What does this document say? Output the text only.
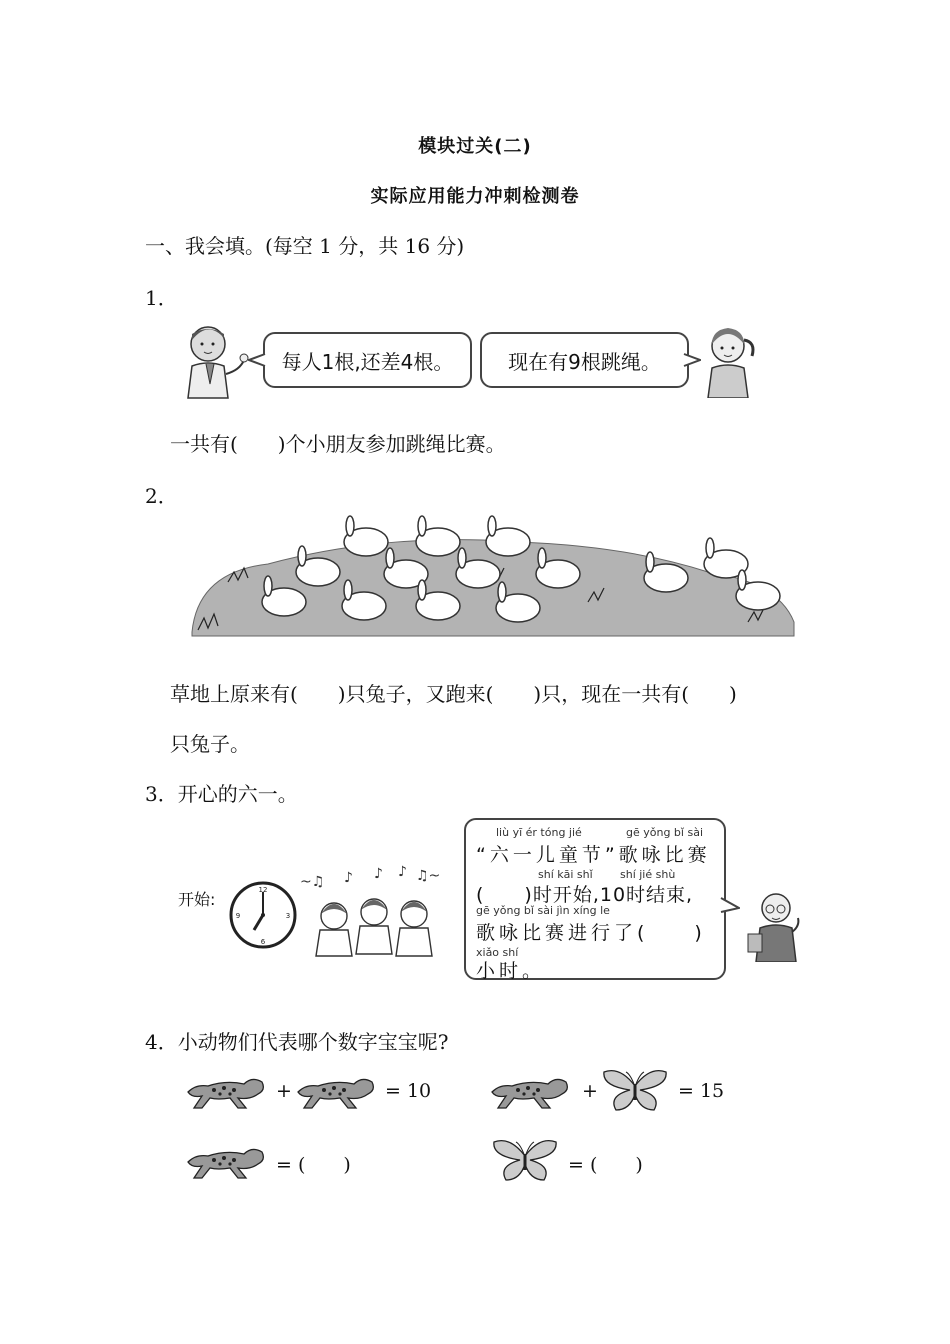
模块过关(二)
实际应用能力冲刺检测卷
一、我会填。(每空 1 分，共 16 分)
1．
每人1根,还差4根。	现在有9根跳绳。
一共有(　　)个小朋友参加跳绳比赛。
2．
草地上原来有(　　)只兔子，又跑来(　　)只，现在一共有(　　)
只兔子。
3．开心的六一。
开始:	12
3
6
9
~♫ ♪ ♪ ♪ ♫~
liù yī ér tóng jié	gē yǒng bǐ sài
“六一儿童节”歌咏比赛
shí kāi shǐ shí jié shù
(　　)时开始,10时结束,
gē yǒng bǐ sài jìn xíng le
歌咏比赛进行了(　　)
xiǎo shí
小时。
4．小动物们代表哪个数字宝宝呢?
+	= 10	+	= 15
= (　　)	= (　　)
